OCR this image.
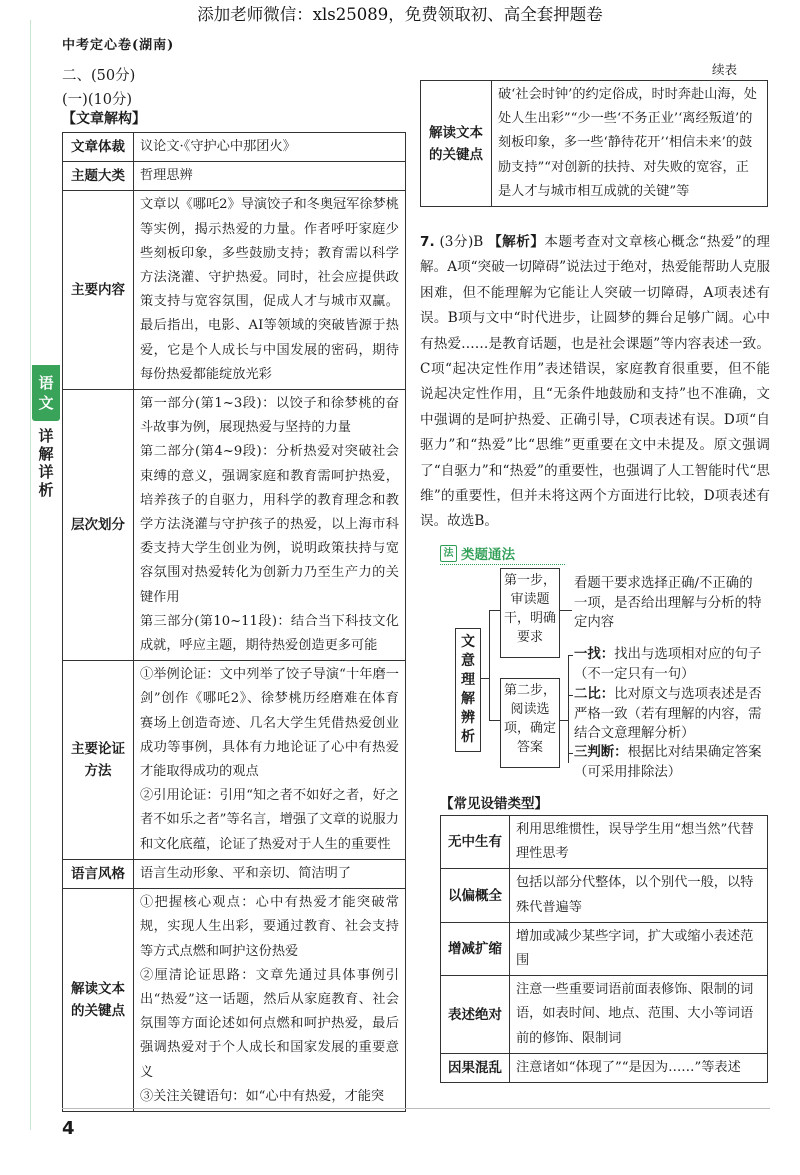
添加老师微信：xls25089，免费领取初、高全套押题卷
中考定心卷(湖南)
二、(50分)
(一)(10分)
【文章解构】
续表
语
文
详
解
详
析
文章体裁	议论文·《守护心中那团火》

主题大类	哲理思辨

主要内容	文章以《哪吒2》导演饺子和冬奥冠军徐梦桃等实例，揭示热爱的力量。作者呼吁家庭少些刻板印象，多些鼓励支持；教育需以科学方法浇灌、守护热爱。同时，社会应提供政策支持与宽容氛围，促成人才与城市双赢。最后指出，电影、AI等领域的突破皆源于热爱，它是个人成长与中国发展的密码，期待每份热爱都能绽放光彩

层次划分	第一部分(第1~3段)：以饺子和徐梦桃的奋斗故事为例，展现热爱与坚持的力量
第二部分(第4~9段)：分析热爱对突破社会束缚的意义，强调家庭和教育需呵护热爱，培养孩子的自驱力，用科学的教育理念和教学方法浇灌与守护孩子的热爱，以上海市科委支持大学生创业为例，说明政策扶持与宽容氛围对热爱转化为创新力乃至生产力的关键作用
第三部分(第10~11段)：结合当下科技文化成就，呼应主题，期待热爱创造更多可能

主要论证方法	①举例论证：文中列举了饺子导演“十年磨一剑”创作《哪吒2》、徐梦桃历经磨难在体育赛场上创造奇迹、几名大学生凭借热爱创业成功等事例，具体有力地论证了心中有热爱才能取得成功的观点
②引用论证：引用“知之者不如好之者，好之者不如乐之者”等名言，增强了文章的说服力和文化底蕴，论证了热爱对于人生的重要性

语言风格	语言生动形象、平和亲切、简洁明了

解读文本的关键点	①把握核心观点：心中有热爱才能突破常规，实现人生出彩，要通过教育、社会支持等方式点燃和呵护这份热爱
②厘清论证思路：文章先通过具体事例引出“热爱”这一话题，然后从家庭教育、社会氛围等方面论述如何点燃和呵护热爱，最后强调热爱对于个人成长和国家发展的重要意义
③关注关键语句：如“心中有热爱，才能突
解读文本的关键点	破‘社会时钟’的约定俗成，时时奔赴山海，处处人生出彩”“少一些‘不务正业’‘离经叛道’的刻板印象，多一些‘静待花开’‘相信未来’的鼓励支持”“对创新的扶持、对失败的宽容，正是人才与城市相互成就的关键”等
7. (3分)B 【解析】本题考查对文章核心概念“热爱”的理解。A项“突破一切障碍”说法过于绝对，热爱能帮助人克服困难，但不能理解为它能让人突破一切障碍，A项表述有误。B项与文中“时代进步，让圆梦的舞台足够广阔。心中有热爱……是教育话题，也是社会课题”等内容表述一致。C项“起决定性作用”表述错误，家庭教育很重要，但不能说起决定性作用，且“无条件地鼓励和支持”也不准确，文中强调的是呵护热爱、正确引导，C项表述有误。D项“自驱力”和“热爱”比“思维”更重要在文中未提及。原文强调了“自驱力”和“热爱”的重要性，也强调了人工智能时代“思维”的重要性，但并未将这两个方面进行比较，D项表述有误。故选B。
法 类题通法
文意理解辨析
第一步，审读题干，明确要求
第二步，阅读选项，确定答案
看题干要求选择正确/不正确的一项，是否给出理解与分析的特定内容
一找：找出与选项相对应的句子（不一定只有一句）
二比：比对原文与选项表述是否严格一致（若有理解的内容，需结合文意理解分析）
三判断：根据比对结果确定答案（可采用排除法）
【常见设错类型】
无中生有	利用思维惯性，误导学生用“想当然”代替理性思考
以偏概全	包括以部分代整体，以个别代一般，以特殊代普遍等
增减扩缩	增加或减少某些字词，扩大或缩小表述范围
表述绝对	注意一些重要词语前面表修饰、限制的词语，如表时间、地点、范围、大小等词语前的修饰、限制词
因果混乱	注意诸如“体现了”“是因为……”等表述
4
